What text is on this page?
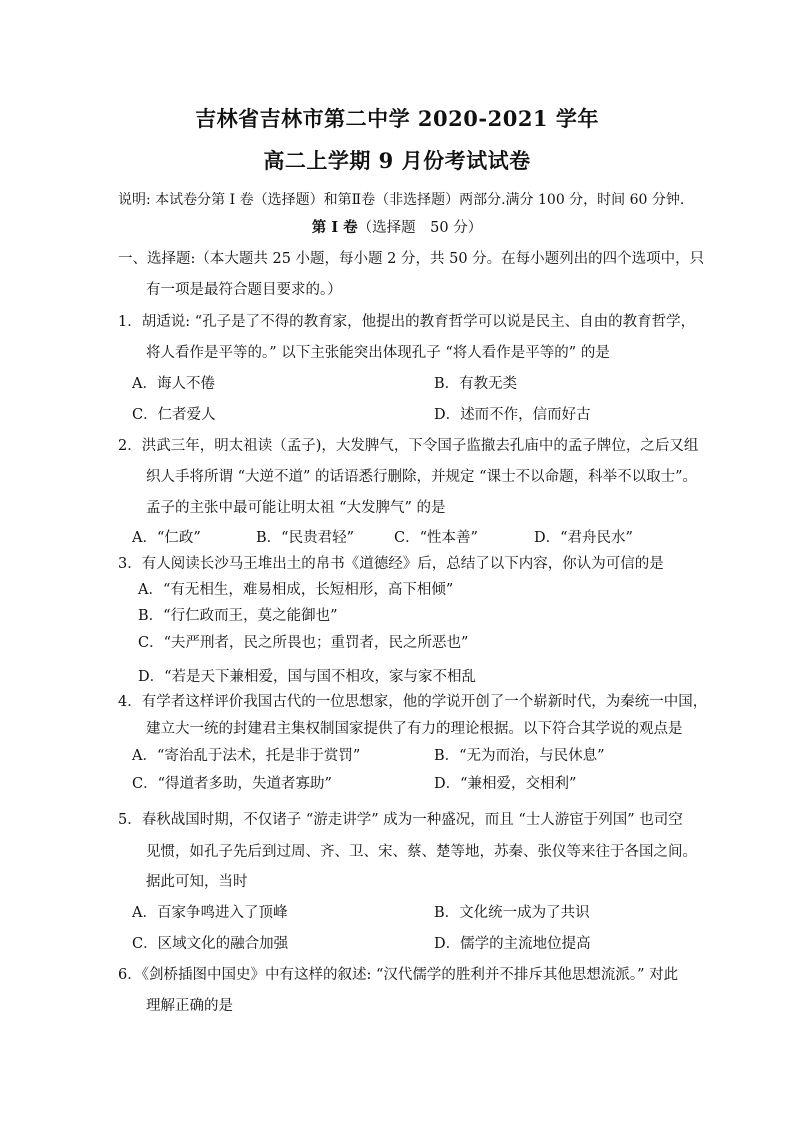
吉林省吉林市第二中学 2020-2021 学年
高二上学期 9 月份考试试卷
说明: 本试卷分第 I 卷（选择题）和第Ⅱ卷（非选择题）两部分.满分 100 分，时间 60 分钟.
第 I 卷（选择题　50 分）
一、选择题:（本大题共 25 小题，每小题 2 分，共 50 分。在每小题列出的四个选项中，只
有一项是最符合题目要求的。）
1．胡适说: “孔子是了不得的教育家，他提出的教育哲学可以说是民主、自由的教育哲学，
将人看作是平等的。” 以下主张能突出体现孔子 “将人看作是平等的” 的是
A．诲人不倦	B．有教无类
C．仁者爱人	D．述而不作，信而好古
2．洪武三年，明太祖读（孟子)，大发脾气，下令国子监撤去孔庙中的孟子牌位，之后又组
织人手将所谓 “大逆不道” 的话语悉行删除，并规定 “课士不以命题，科举不以取士”。
孟子的主张中最可能让明太祖 “大发脾气” 的是
A．“仁政”	B．“民贵君轻”	C．“性本善”	D．“君舟民水”
3．有人阅读长沙马王堆出土的帛书《道德经》后，总结了以下内容，你认为可信的是
A．“有无相生，难易相成，长短相形，高下相倾”
B．“行仁政而王，莫之能御也”
C．“夫严刑者，民之所畏也；重罚者，民之所恶也”
D．“若是天下兼相爱，国与国不相攻，家与家不相乱
4．有学者这样评价我国古代的一位思想家，他的学说开创了一个崭新时代，为秦统一中国，
建立大一统的封建君主集权制国家提供了有力的理论根据。以下符合其学说的观点是
A．“寄治乱于法术，托是非于赏罚”	B．“无为而治，与民休息”
C．“得道者多助，失道者寡助”	D．“兼相爱，交相利”
5．春秋战国时期，不仅诸子 “游走讲学” 成为一种盛况，而且 “士人游宦于列国” 也司空
见惯，如孔子先后到过周、齐、卫、宋、蔡、楚等地，苏秦、张仪等来往于各国之间。
据此可知，当时
A．百家争鸣进入了顶峰	B．文化统一成为了共识
C．区域文化的融合加强	D．儒学的主流地位提高
6．《剑桥插图中国史》中有这样的叙述: “汉代儒学的胜利并不排斥其他思想流派。” 对此
理解正确的是
